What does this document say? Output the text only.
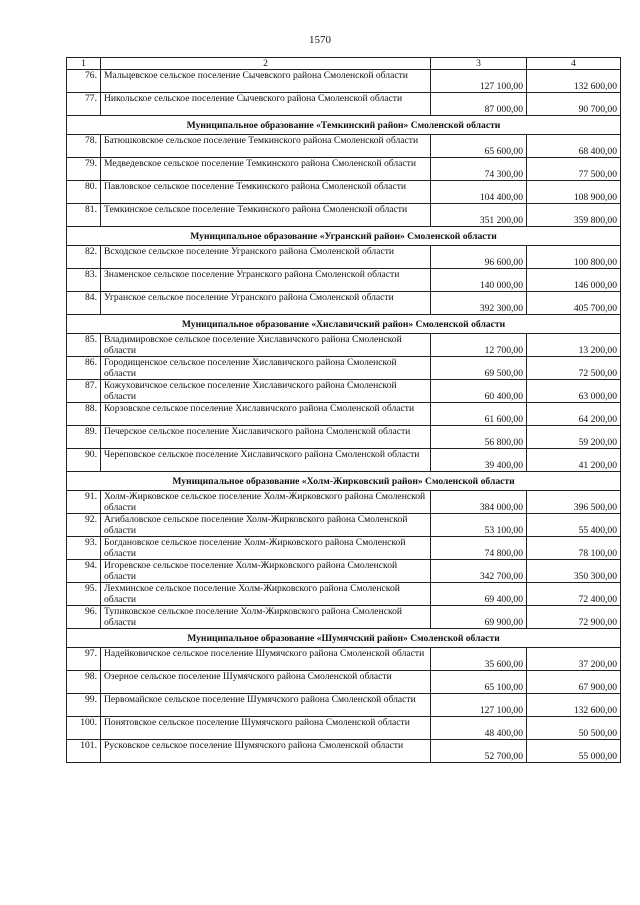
1570
1	2	3	4
76.	Мальцевское сельское поселение Сычевского района Смоленской области	127 100,00	132 600,00
77.	Никольское сельское поселение Сычевского района Смоленской области	87 000,00	90 700,00
Муниципальное образование «Темкинский район» Смоленской области			
78.	Батюшковское сельское поселение Темкинского района Смоленской области	65 600,00	68 400,00
79.	Медведевское сельское поселение Темкинского района Смоленской области	74 300,00	77 500,00
80.	Павловское сельское поселение Темкинского района Смоленской области	104 400,00	108 900,00
81.	Темкинское сельское поселение Темкинского района Смоленской области	351 200,00	359 800,00
Муниципальное образование «Угранский район» Смоленской области			
82.	Всходское сельское поселение Угранского района Смоленской области	96 600,00	100 800,00
83.	Знаменское сельское поселение Угранского района Смоленской области	140 000,00	146 000,00
84.	Угранское сельское поселение Угранского района Смоленской области	392 300,00	405 700,00
Муниципальное образование «Хиславичский район» Смоленской области			
85.	Владимировское сельское поселение Хиславичского района Смоленской области	12 700,00	13 200,00
86.	Городищенское сельское поселение Хиславичского района Смоленской области	69 500,00	72 500,00
87.	Кожуховичское сельское поселение Хиславичского района Смоленской области	60 400,00	63 000,00
88.	Корзовское сельское поселение Хиславичского района Смоленской области	61 600,00	64 200,00
89.	Печерское сельское поселение Хиславичского района Смоленской области	56 800,00	59 200,00
90.	Череповское сельское поселение Хиславичского района Смоленской области	39 400,00	41 200,00
Муниципальное образование «Холм-Жирковский район» Смоленской области			
91.	Холм-Жирковское сельское поселение Холм-Жирковского района Смоленской области	384 000,00	396 500,00
92.	Агибаловское сельское поселение Холм-Жирковского района Смоленской области	53 100,00	55 400,00
93.	Богдановское сельское поселение Холм-Жирковского района Смоленской области	74 800,00	78 100,00
94.	Игоревское сельское поселение Холм-Жирковского района Смоленской области	342 700,00	350 300,00
95.	Лехминское сельское поселение Холм-Жирковского района Смоленской области	69 400,00	72 400,00
96.	Тупиковское сельское поселение Холм-Жирковского района Смоленской области	69 900,00	72 900,00
Муниципальное образование «Шумячский район» Смоленской области			
97.	Надейковичское сельское поселение Шумячского района Смоленской области	35 600,00	37 200,00
98.	Озерное сельское поселение Шумячского района Смоленской области	65 100,00	67 900,00
99.	Первомайское сельское поселение Шумячского района Смоленской области	127 100,00	132 600,00
100.	Понятовское сельское поселение Шумячского района Смоленской области	48 400,00	50 500,00
101.	Русковское сельское поселение Шумячского района Смоленской области	52 700,00	55 000,00
